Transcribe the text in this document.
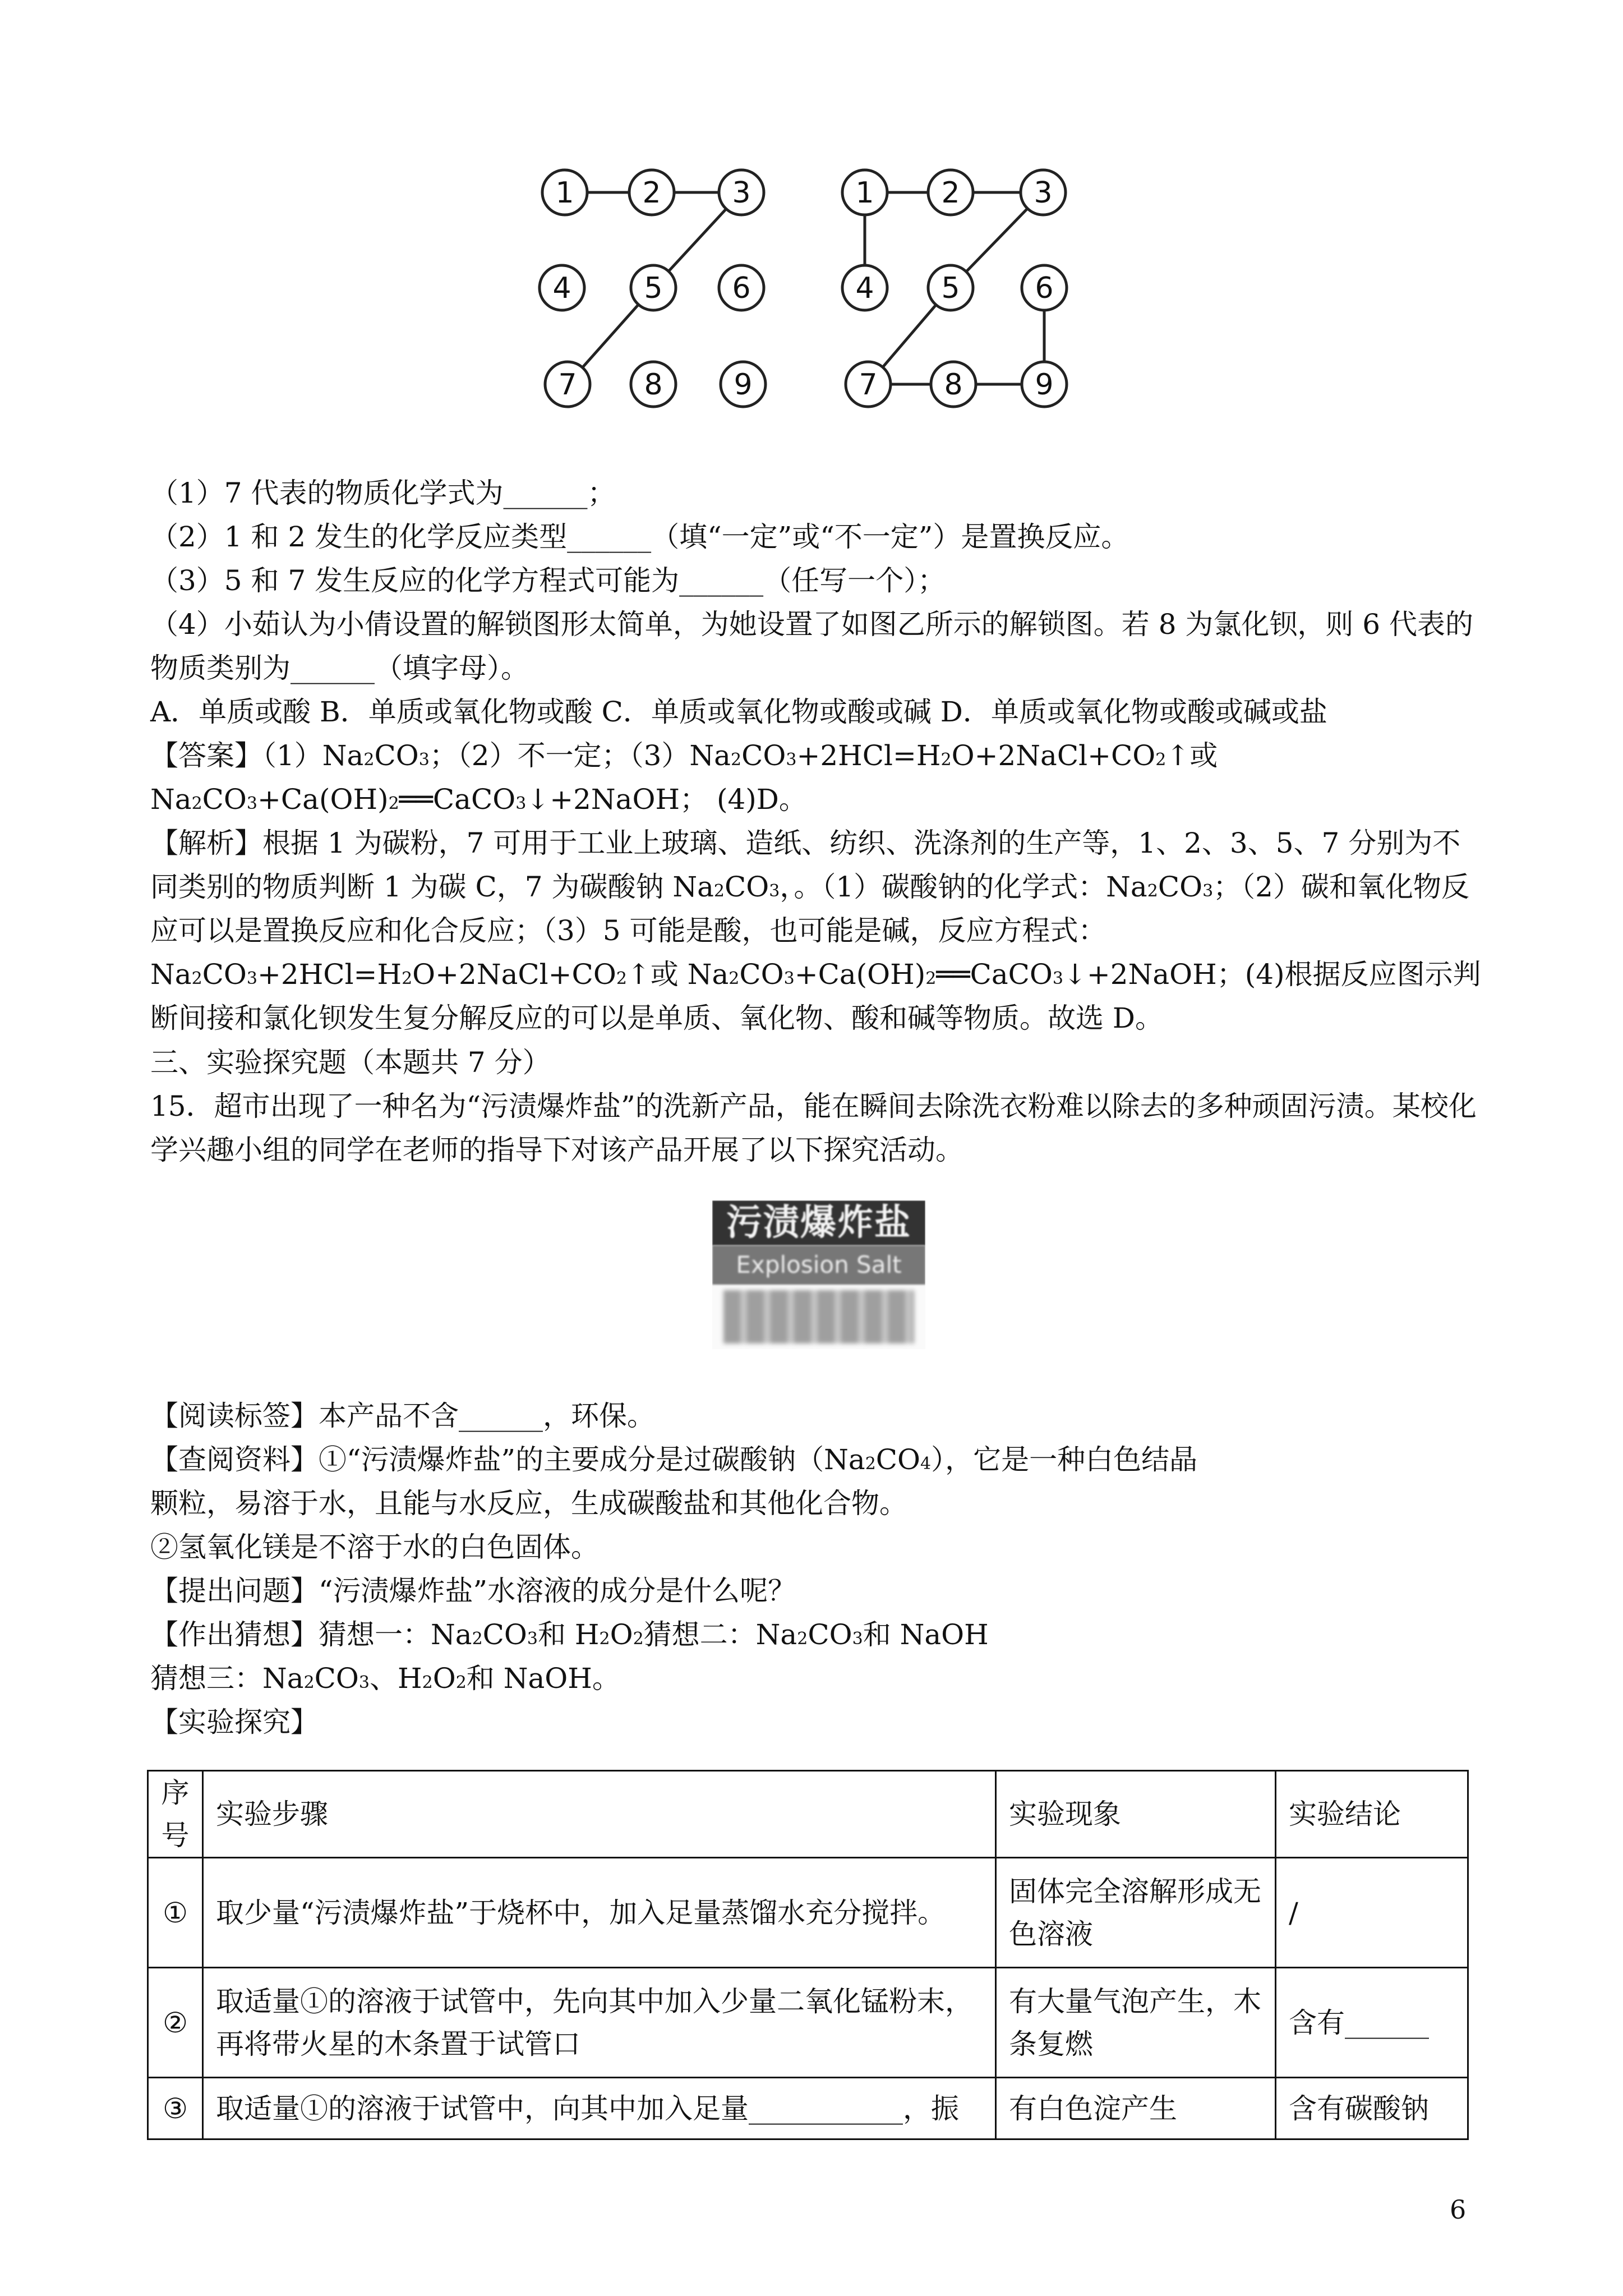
1 2 3
4 5 6
7 8 9
1 2	3
4 5	6
7 8 9
（1）7 代表的物质化学式为______；
（2）1 和 2 发生的化学反应类型______（填“一定”或“不一定”）是置换反应。
（3）5 和 7 发生反应的化学方程式可能为______（任写一个）；
（4）小茹认为小倩设置的解锁图形太简单，为她设置了如图乙所示的解锁图。若 8 为氯化钡，则 6 代表的物质类别为______（填字母）。
A．单质或酸 B．单质或氧化物或酸 C．单质或氧化物或酸或碱 D．单质或氧化物或酸或碱或盐
【答案】$(1)Na_2CO_3$；（2）不一定；$(3)Na_2CO_3+2HCl=H_2O+2NaCl+CO_2↑$或 $Na_2CO_3+Ca(OH)_2══CaCO_3↓+2NaOH$； (4)D。
【解析】根据 1 为碳粉，7 可用于工业上玻璃、造纸、纺织、洗涤剂的生产等，1、2、3、5、7 分别为不同类别的物质判断 1 为碳 C，7 为碳酸钠 $Na_2CO_3$，。（1）碳酸钠的化学式：$Na_2CO_3$；（2）碳和氧化物反应可以是置换反应和化合反应；（3）5 可能是酸，也可能是碱，反应方程式：$Na_2CO_3+2HCl=H_2O+2NaCl+CO_2↑$或 $Na_2CO_3+Ca(OH)_2══CaCO_3↓+2NaOH$；(4)根据反应图示判断间接和氯化钡发生复分解反应的可以是单质、氧化物、酸和碱等物质。故选 D。
三、实验探究题（本题共 7 分）
15．超市出现了一种名为“污渍爆炸盐”的洗新产品，能在瞬间去除洗衣粉难以除去的多种顽固污渍。某校化学兴趣小组的同学在老师的指导下对该产品开展了以下探究活动。
污渍爆炸盐
Explosion Salt
【阅读标签】本产品不含______，环保。
【查阅资料】①“污渍爆炸盐”的主要成分是过碳酸钠$(Na_2CO_4)$，它是一种白色结晶
颗粒，易溶于水，且能与水反应，生成碳酸盐和其他化合物。
②氢氧化镁是不溶于水的白色固体。
【提出问题】“污渍爆炸盐”水溶液的成分是什么呢？
【作出猜想】猜想一：$Na_2CO_3$和 $H_2O_2$猜想二：$Na_2CO_3$和 NaOH
猜想三：$Na_2CO_3$、$H_2O_2$和 NaOH。
【实验探究】
序号	实验步骤	实验现象	实验结论
①	取少量“污渍爆炸盐”于烧杯中，加入足量蒸馏水充分搅拌。	固体完全溶解形成无色溶液	/
②	取适量①的溶液于试管中，先向其中加入少量二氧化锰粉末，再将带火星的木条置于试管口	有大量气泡产生，木条复燃	含有______
③	取适量①的溶液于试管中，向其中加入足量___________，振	有白色淀产生	含有碳酸钠
6
